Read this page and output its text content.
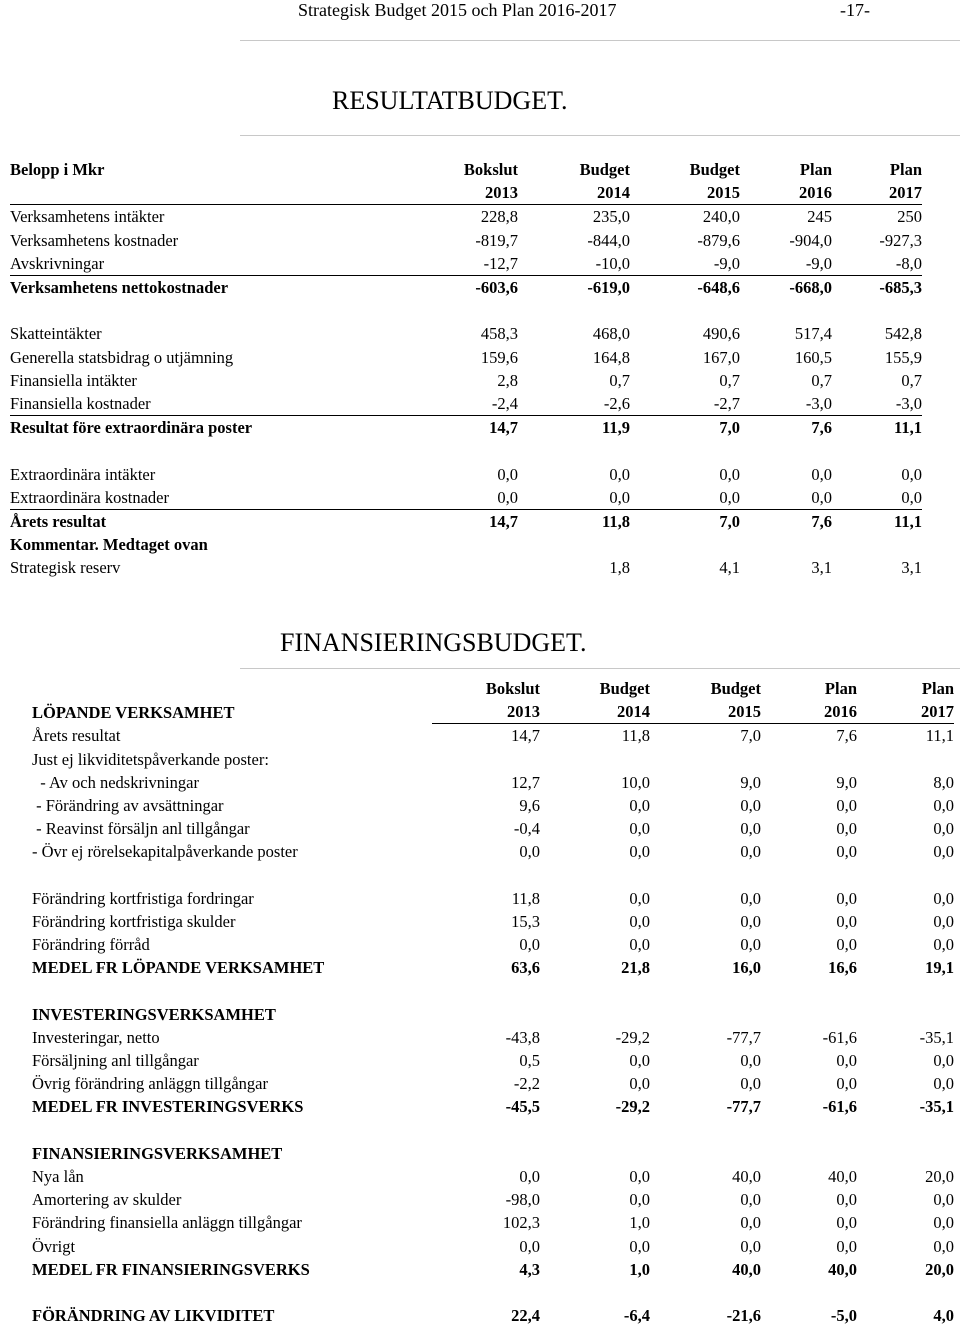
Strategisk Budget 2015 och Plan 2016-2017	-17-
RESULTATBUDGET.
Belopp i Mkr	Bokslut	Budget	Budget	Plan	Plan
	2013	2014	2015	2016	2017
Verksamhetens intäkter	228,8	235,0	240,0	245	250
Verksamhetens kostnader	-819,7	-844,0	-879,6	-904,0	-927,3
Avskrivningar	-12,7	-10,0	-9,0	-9,0	-8,0
Verksamhetens nettokostnader	-603,6	-619,0	-648,6	-668,0	-685,3

Skatteintäkter	458,3	468,0	490,6	517,4	542,8
Generella statsbidrag o utjämning	159,6	164,8	167,0	160,5	155,9
Finansiella intäkter	2,8	0,7	0,7	0,7	0,7
Finansiella kostnader	-2,4	-2,6	-2,7	-3,0	-3,0
Resultat före extraordinära poster	14,7	11,9	7,0	7,6	11,1

Extraordinära intäkter	0,0	0,0	0,0	0,0	0,0
Extraordinära kostnader	0,0	0,0	0,0	0,0	0,0
Årets resultat	14,7	11,8	7,0	7,6	11,1
Kommentar. Medtaget ovan					
Strategisk reserv		1,8	4,1	3,1	3,1
FINANSIERINGSBUDGET.
	Bokslut	Budget	Budget	Plan	Plan
LÖPANDE VERKSAMHET	2013	2014	2015	2016	2017
Årets resultat	14,7	11,8	7,0	7,6	11,1
Just ej likviditetspåverkande poster:					
- Av och nedskrivningar	12,7	10,0	9,0	9,0	8,0
- Förändring av avsättningar	9,6	0,0	0,0	0,0	0,0
- Reavinst försäljn anl tillgångar	-0,4	0,0	0,0	0,0	0,0
- Övr ej rörelsekapitalpåverkande poster	0,0	0,0	0,0	0,0	0,0

Förändring kortfristiga fordringar	11,8	0,0	0,0	0,0	0,0
Förändring kortfristiga skulder	15,3	0,0	0,0	0,0	0,0
Förändring förråd	0,0	0,0	0,0	0,0	0,0
MEDEL FR LÖPANDE VERKSAMHET	63,6	21,8	16,0	16,6	19,1

INVESTERINGSVERKSAMHET					
Investeringar, netto	-43,8	-29,2	-77,7	-61,6	-35,1
Försäljning anl tillgångar	0,5	0,0	0,0	0,0	0,0
Övrig förändring anläggn tillgångar	-2,2	0,0	0,0	0,0	0,0
MEDEL FR INVESTERINGSVERKS	-45,5	-29,2	-77,7	-61,6	-35,1

FINANSIERINGSVERKSAMHET					
Nya lån	0,0	0,0	40,0	40,0	20,0
Amortering av skulder	-98,0	0,0	0,0	0,0	0,0
Förändring finansiella anläggn tillgångar	102,3	1,0	0,0	0,0	0,0
Övrigt	0,0	0,0	0,0	0,0	0,0
MEDEL FR FINANSIERINGSVERKS	4,3	1,0	40,0	40,0	20,0

FÖRÄNDRING AV LIKVIDITET	22,4	-6,4	-21,6	-5,0	4,0
